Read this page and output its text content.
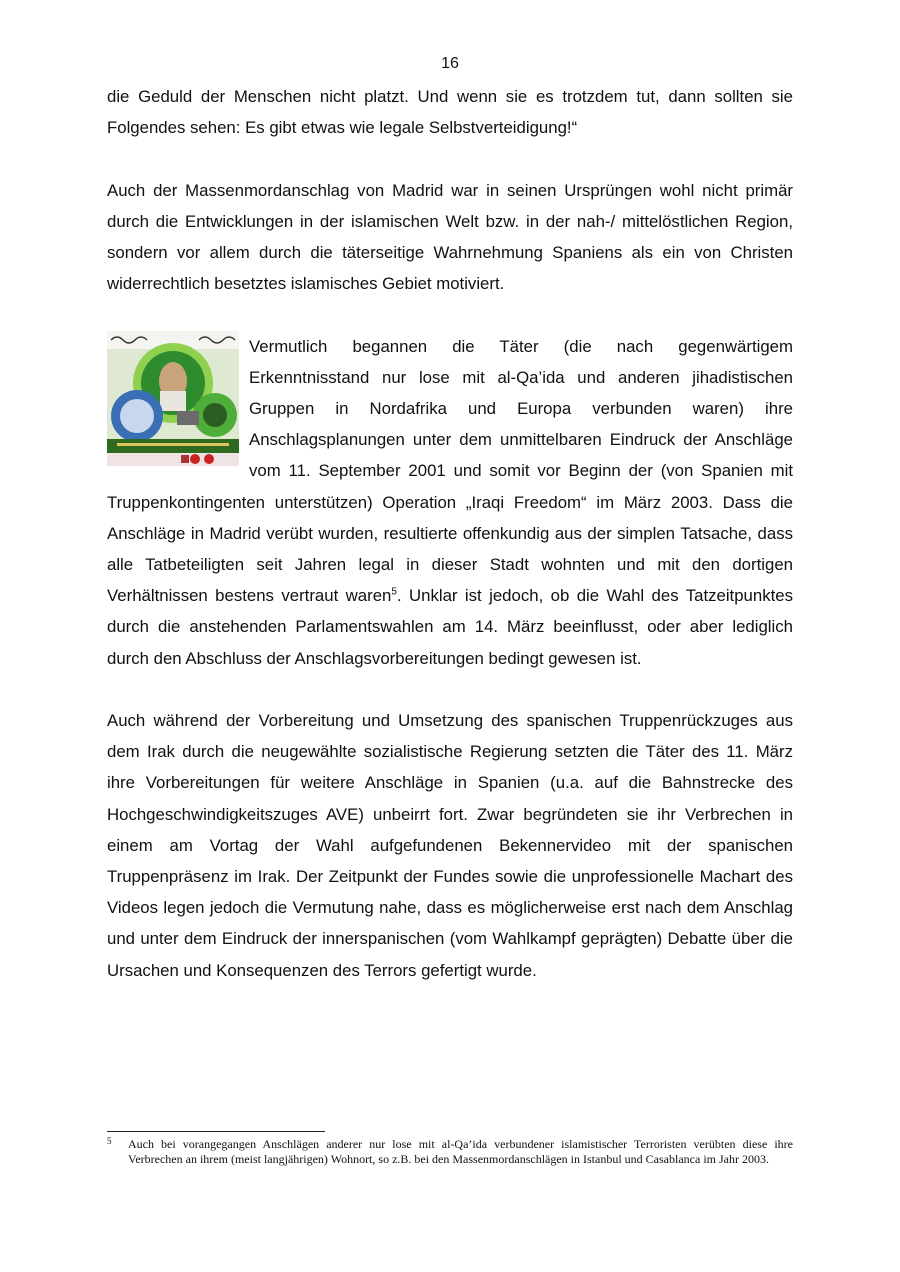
16

die Geduld der Menschen nicht platzt. Und wenn sie es trotzdem tut, dann sollten sie Folgendes sehen: Es gibt etwas wie legale Selbstverteidigung!“

Auch der Massenmordanschlag von Madrid war in seinen Ursprüngen wohl nicht primär durch die Entwicklungen in der islamischen Welt bzw. in der nah-/ mittelöstlichen Region, sondern vor allem durch die täterseitige Wahrnehmung Spaniens als ein von Christen widerrechtlich besetztes islamisches Gebiet motiviert.

Vermutlich begannen die Täter (die nach gegenwärtigem Erkenntnisstand nur lose mit al-Qa’ida und anderen jihadistischen Gruppen in Nordafrika und Europa verbunden waren) ihre Anschlagsplanungen unter dem unmittelbaren Eindruck der Anschläge vom 11. September 2001 und somit vor Beginn der (von Spanien mit Truppenkontingenten unterstützen) Operation „Iraqi Freedom“ im März 2003. Dass die Anschläge in Madrid verübt wurden, resultierte offenkundig aus der simplen Tatsache, dass alle Tatbeteiligten seit Jahren legal in dieser Stadt wohnten und mit den dortigen Verhältnissen bestens vertraut waren$^5$. Unklar ist jedoch, ob die Wahl des Tatzeitpunktes durch die anstehenden Parlamentswahlen am 14. März beeinflusst, oder aber lediglich durch den Abschluss der Anschlagsvorbereitungen bedingt gewesen ist.

Auch während der Vorbereitung und Umsetzung des spanischen Truppenrückzuges aus dem Irak durch die neugewählte sozialistische Regierung setzten die Täter des 11. März ihre Vorbereitungen für weitere Anschläge in Spanien (u.a. auf die Bahnstrecke des Hochgeschwindigkeitszuges AVE) unbeirrt fort. Zwar begründeten sie ihr Verbrechen in einem am Vortag der Wahl aufgefundenen Bekennervideo mit der spanischen Truppenpräsenz im Irak. Der Zeitpunkt der Fundes sowie die unprofessionelle Machart des Videos legen jedoch die Vermutung nahe, dass es möglicherweise erst nach dem Anschlag und unter dem Eindruck der innerspanischen (vom Wahlkampf geprägten) Debatte über die Ursachen und Konsequenzen des Terrors gefertigt wurde.

5 Auch bei vorangegangen Anschlägen anderer nur lose mit al-Qa’ida verbundener islamistischer Terroristen verübten diese ihre Verbrechen an ihrem (meist langjährigen) Wohnort, so z.B. bei den Massenmordanschlägen in Istanbul und Casablanca im Jahr 2003.
